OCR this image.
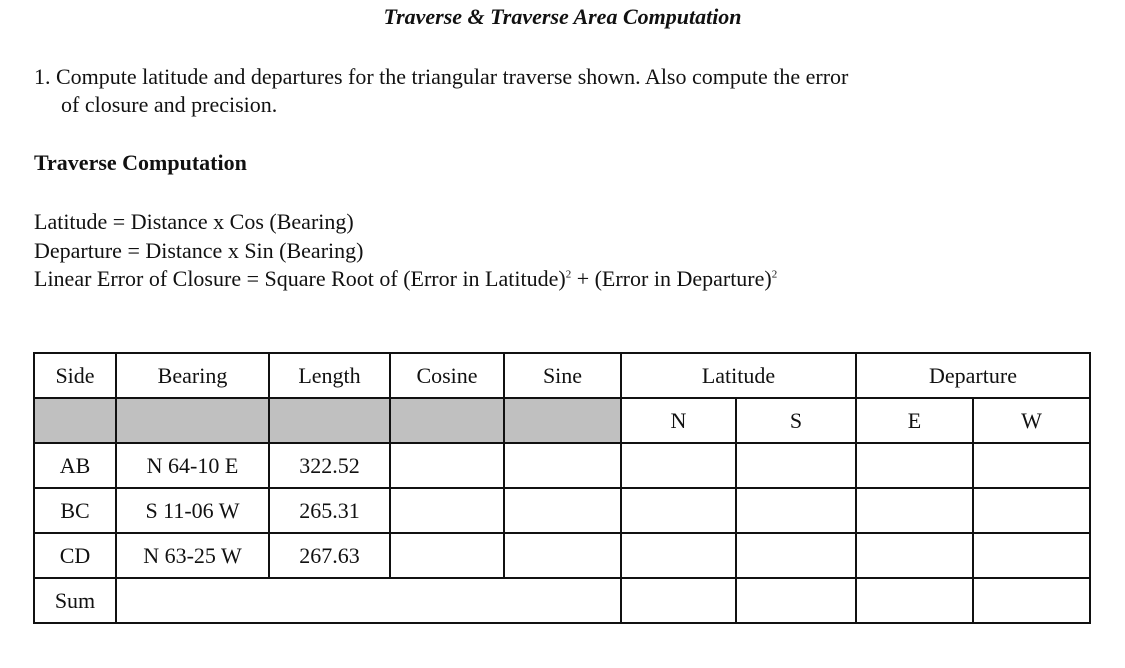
Traverse & Traverse Area Computation
1. Compute latitude and departures for the triangular traverse shown. Also compute the error
of closure and precision.
Traverse Computation
Latitude = Distance x Cos (Bearing)
Departure = Distance x Sin (Bearing)
Linear Error of Closure = Square Root of (Error in Latitude)$^2$ + (Error in Departure)$^2$
Side	Bearing	Length	Cosine	Sine	Latitude		Departure	
					N	S	E	W
AB	N 64-10 E	322.52						
BC	S 11-06 W	265.31						
CD	N 63-25 W	267.63						
Sum								
